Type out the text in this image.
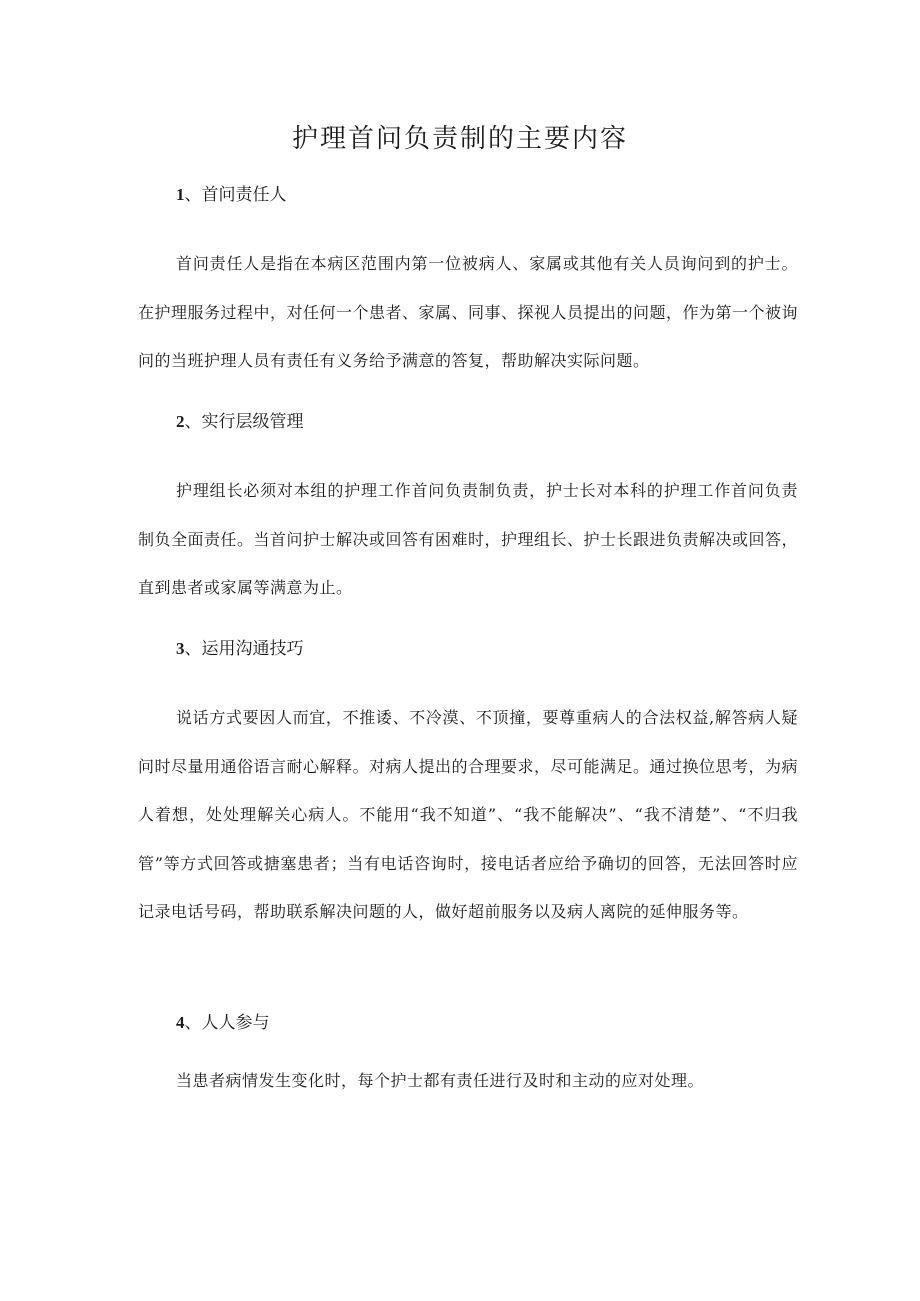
护理首问负责制的主要内容
1、首问责任人

首问责任人是指在本病区范围内第一位被病人、家属或其他有关人员询问到的护士。在护理服务过程中，对任何一个患者、家属、同事、探视人员提出的问题，作为第一个被询问的当班护理人员有责任有义务给予满意的答复，帮助解决实际问题。

2、实行层级管理

护理组长必须对本组的护理工作首问负责制负责，护士长对本科的护理工作首问负责制负全面责任。当首问护士解决或回答有困难时，护理组长、护士长跟进负责解决或回答，直到患者或家属等满意为止。

3、运用沟通技巧

说话方式要因人而宜，不推诿、不冷漠、不顶撞，要尊重病人的合法权益,解答病人疑问时尽量用通俗语言耐心解释。对病人提出的合理要求，尽可能满足。通过换位思考，为病人着想，处处理解关心病人。不能用“我不知道”、“我不能解决”、“我不清楚”、“不归我管”等方式回答或搪塞患者；当有电话咨询时，接电话者应给予确切的回答，无法回答时应记录电话号码，帮助联系解决问题的人，做好超前服务以及病人离院的延伸服务等。

4、人人参与

当患者病情发生变化时，每个护士都有责任进行及时和主动的应对处理。
